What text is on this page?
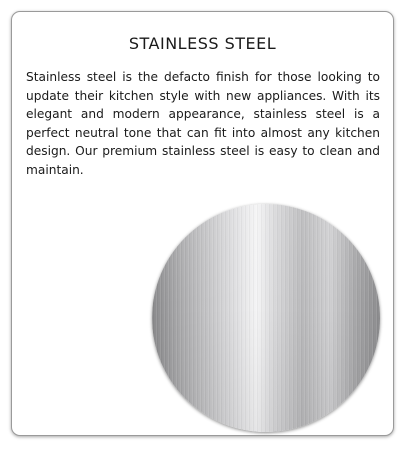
STAINLESS STEEL

Stainless steel is the defacto finish for those looking to update their kitchen style with new appliances. With its elegant and modern appearance, stainless steel is a perfect neutral tone that can fit into almost any kitchen design. Our premium stainless steel is easy to clean and maintain.
